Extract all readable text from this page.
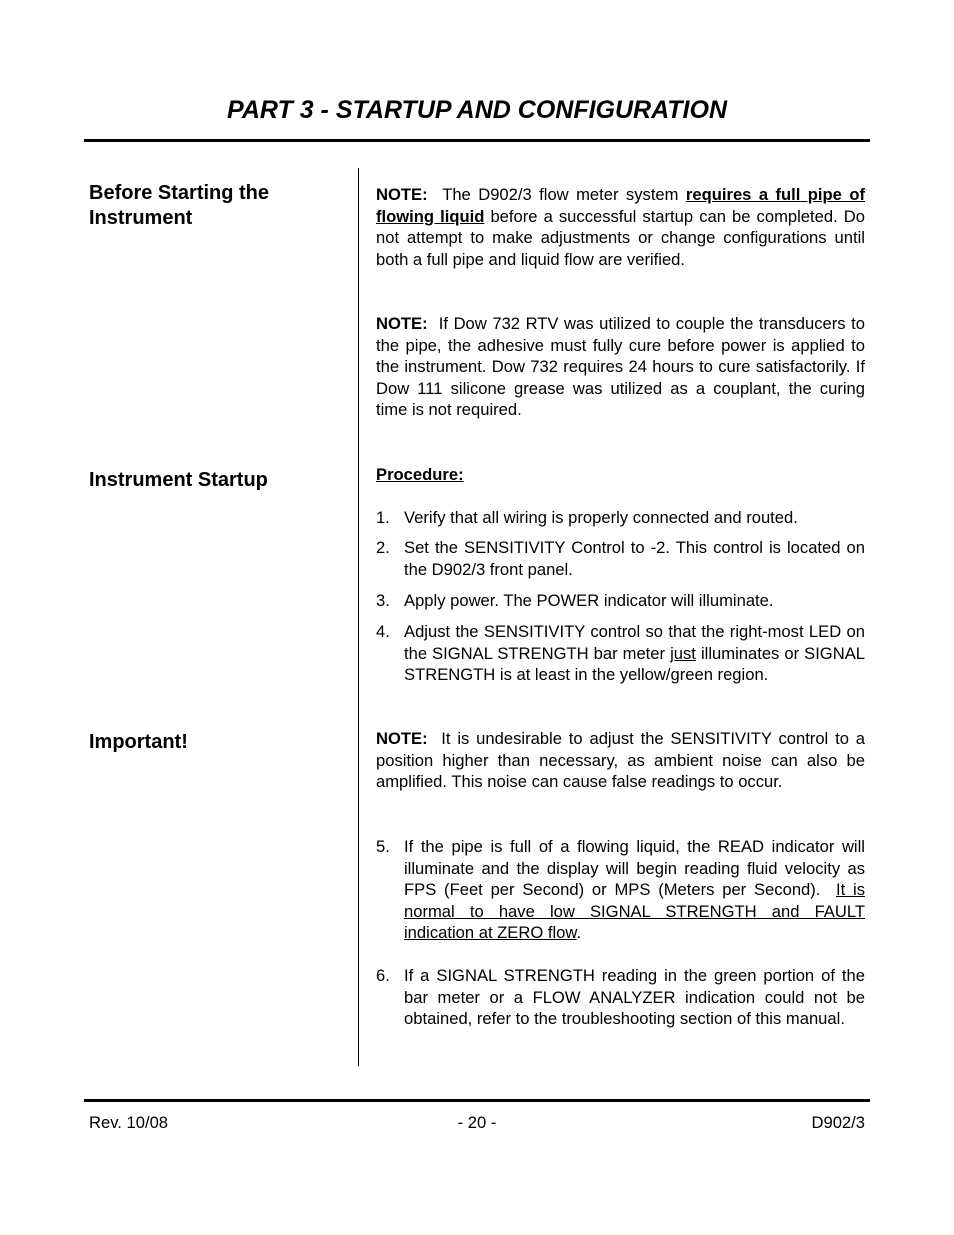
PART 3 - STARTUP AND CONFIGURATION
Before Starting the Instrument
Instrument Startup
Important!

NOTE: The D902/3 flow meter system requires a full pipe of flowing liquid before a successful startup can be completed. Do not attempt to make adjustments or change configurations until both a full pipe and liquid flow are verified.

NOTE: If Dow 732 RTV was utilized to couple the transducers to the pipe, the adhesive must fully cure before power is applied to the instrument. Dow 732 requires 24 hours to cure satisfactorily. If Dow 111 silicone grease was utilized as a couplant, the curing time is not required.

Procedure:
1. Verify that all wiring is properly connected and routed.
2. Set the SENSITIVITY Control to -2. This control is located on the D902/3 front panel.
3. Apply power. The POWER indicator will illuminate.
4. Adjust the SENSITIVITY control so that the right-most LED on the SIGNAL STRENGTH bar meter just illuminates or SIGNAL STRENGTH is at least in the yellow/green region.

NOTE: It is undesirable to adjust the SENSITIVITY control to a position higher than necessary, as ambient noise can also be amplified. This noise can cause false readings to occur.

5. If the pipe is full of a flowing liquid, the READ indicator will illuminate and the display will begin reading fluid velocity as FPS (Feet per Second) or MPS (Meters per Second). It is normal to have low SIGNAL STRENGTH and FAULT indication at ZERO flow.
6. If a SIGNAL STRENGTH reading in the green portion of the bar meter or a FLOW ANALYZER indication could not be obtained, refer to the troubleshooting section of this manual.
Rev. 10/08	- 20 -	D902/3
